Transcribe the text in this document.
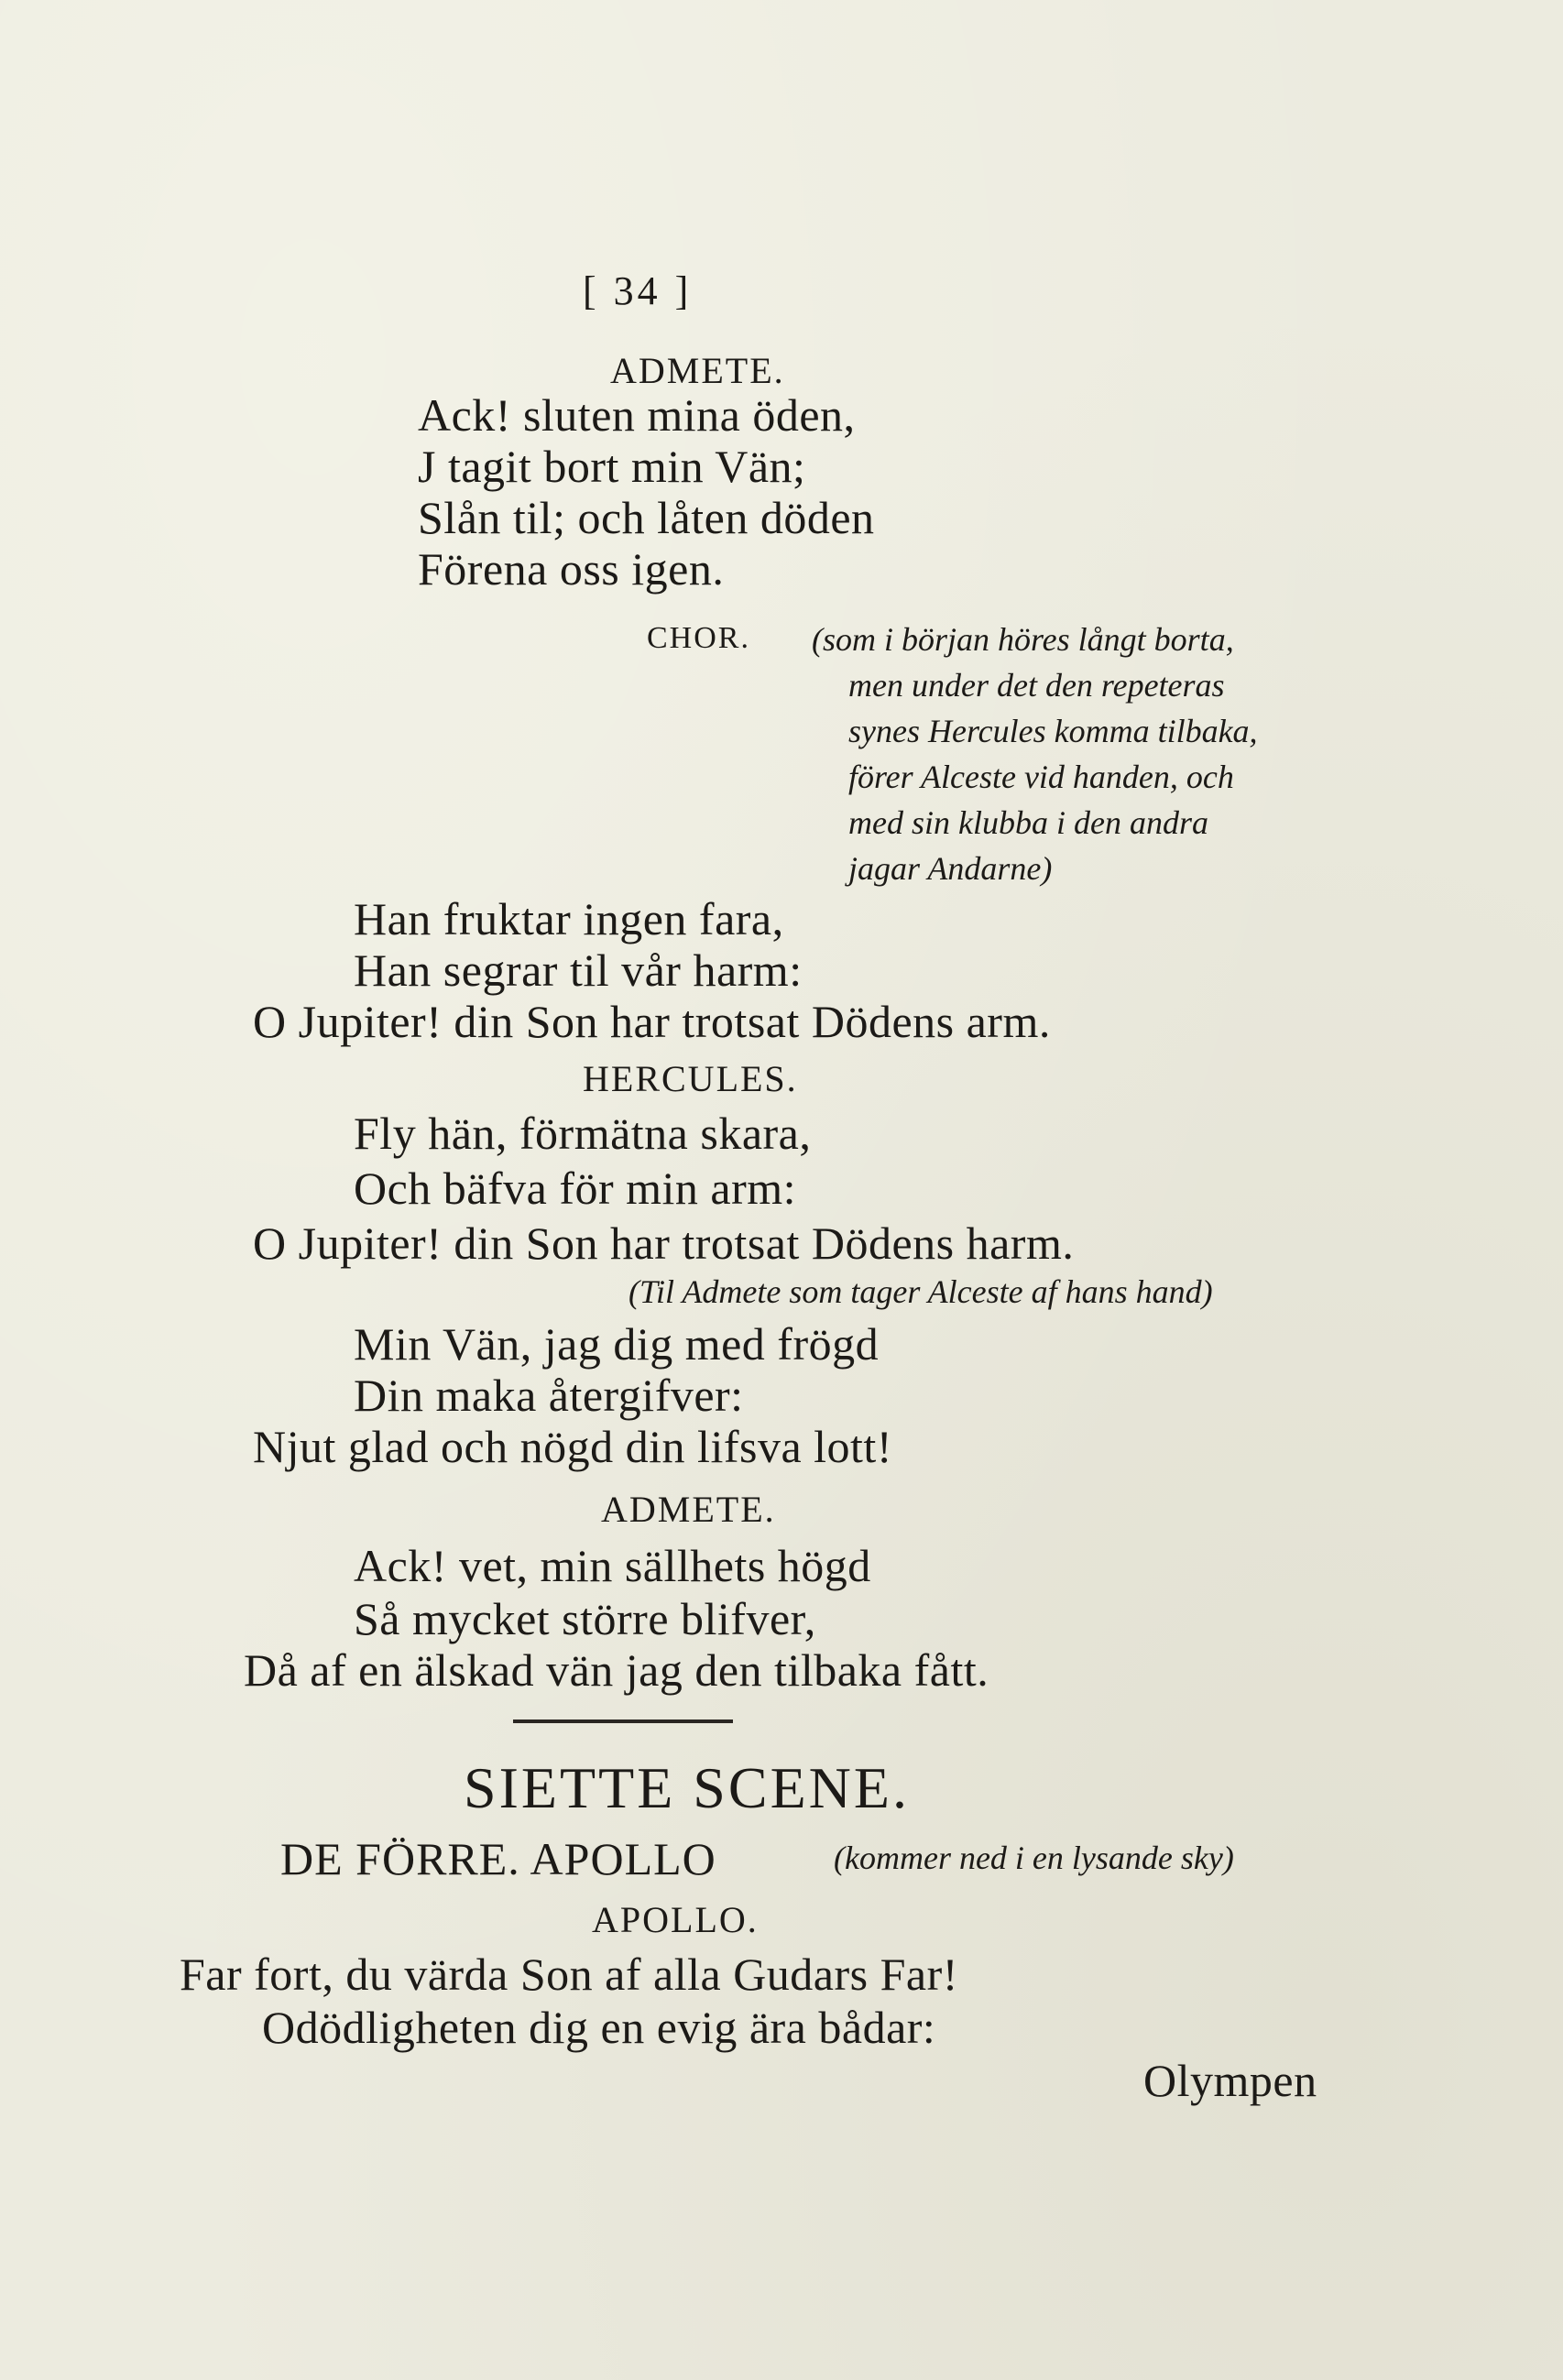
[ 34 ]
ADMETE.
Ack! sluten mina öden,
J tagit bort min Vän;
Slån til; och låten döden
Förena oss igen.
CHOR. (som i början höres långt borta,
men under det den repeteras
synes Hercules komma tilbaka,
förer Alceste vid handen, och
med sin klubba i den andra
jagar Andarne)
Han fruktar ingen fara,
Han segrar til vår harm:
O Jupiter! din Son har trotsat Dödens arm.
HERCULES.
Fly hän, förmätna skara,
Och bäfva för min arm:
O Jupiter! din Son har trotsat Dödens harm.
(Til Admete som tager Alceste af hans hand)
Min Vän, jag dig med frögd
Din maka återgifver:
Njut glad och nögd din lifsva lott!
ADMETE.
Ack! vet, min sällhets högd
Så mycket större blifver,
Då af en älskad vän jag den tilbaka fått.
SIETTE SCENE.
DE FÖRRE. APOLLO	(kommer ned i en lysande sky)
APOLLO.
Far fort, du värda Son af alla Gudars Far!
Odödligheten dig en evig ära bådar:
Olympen
